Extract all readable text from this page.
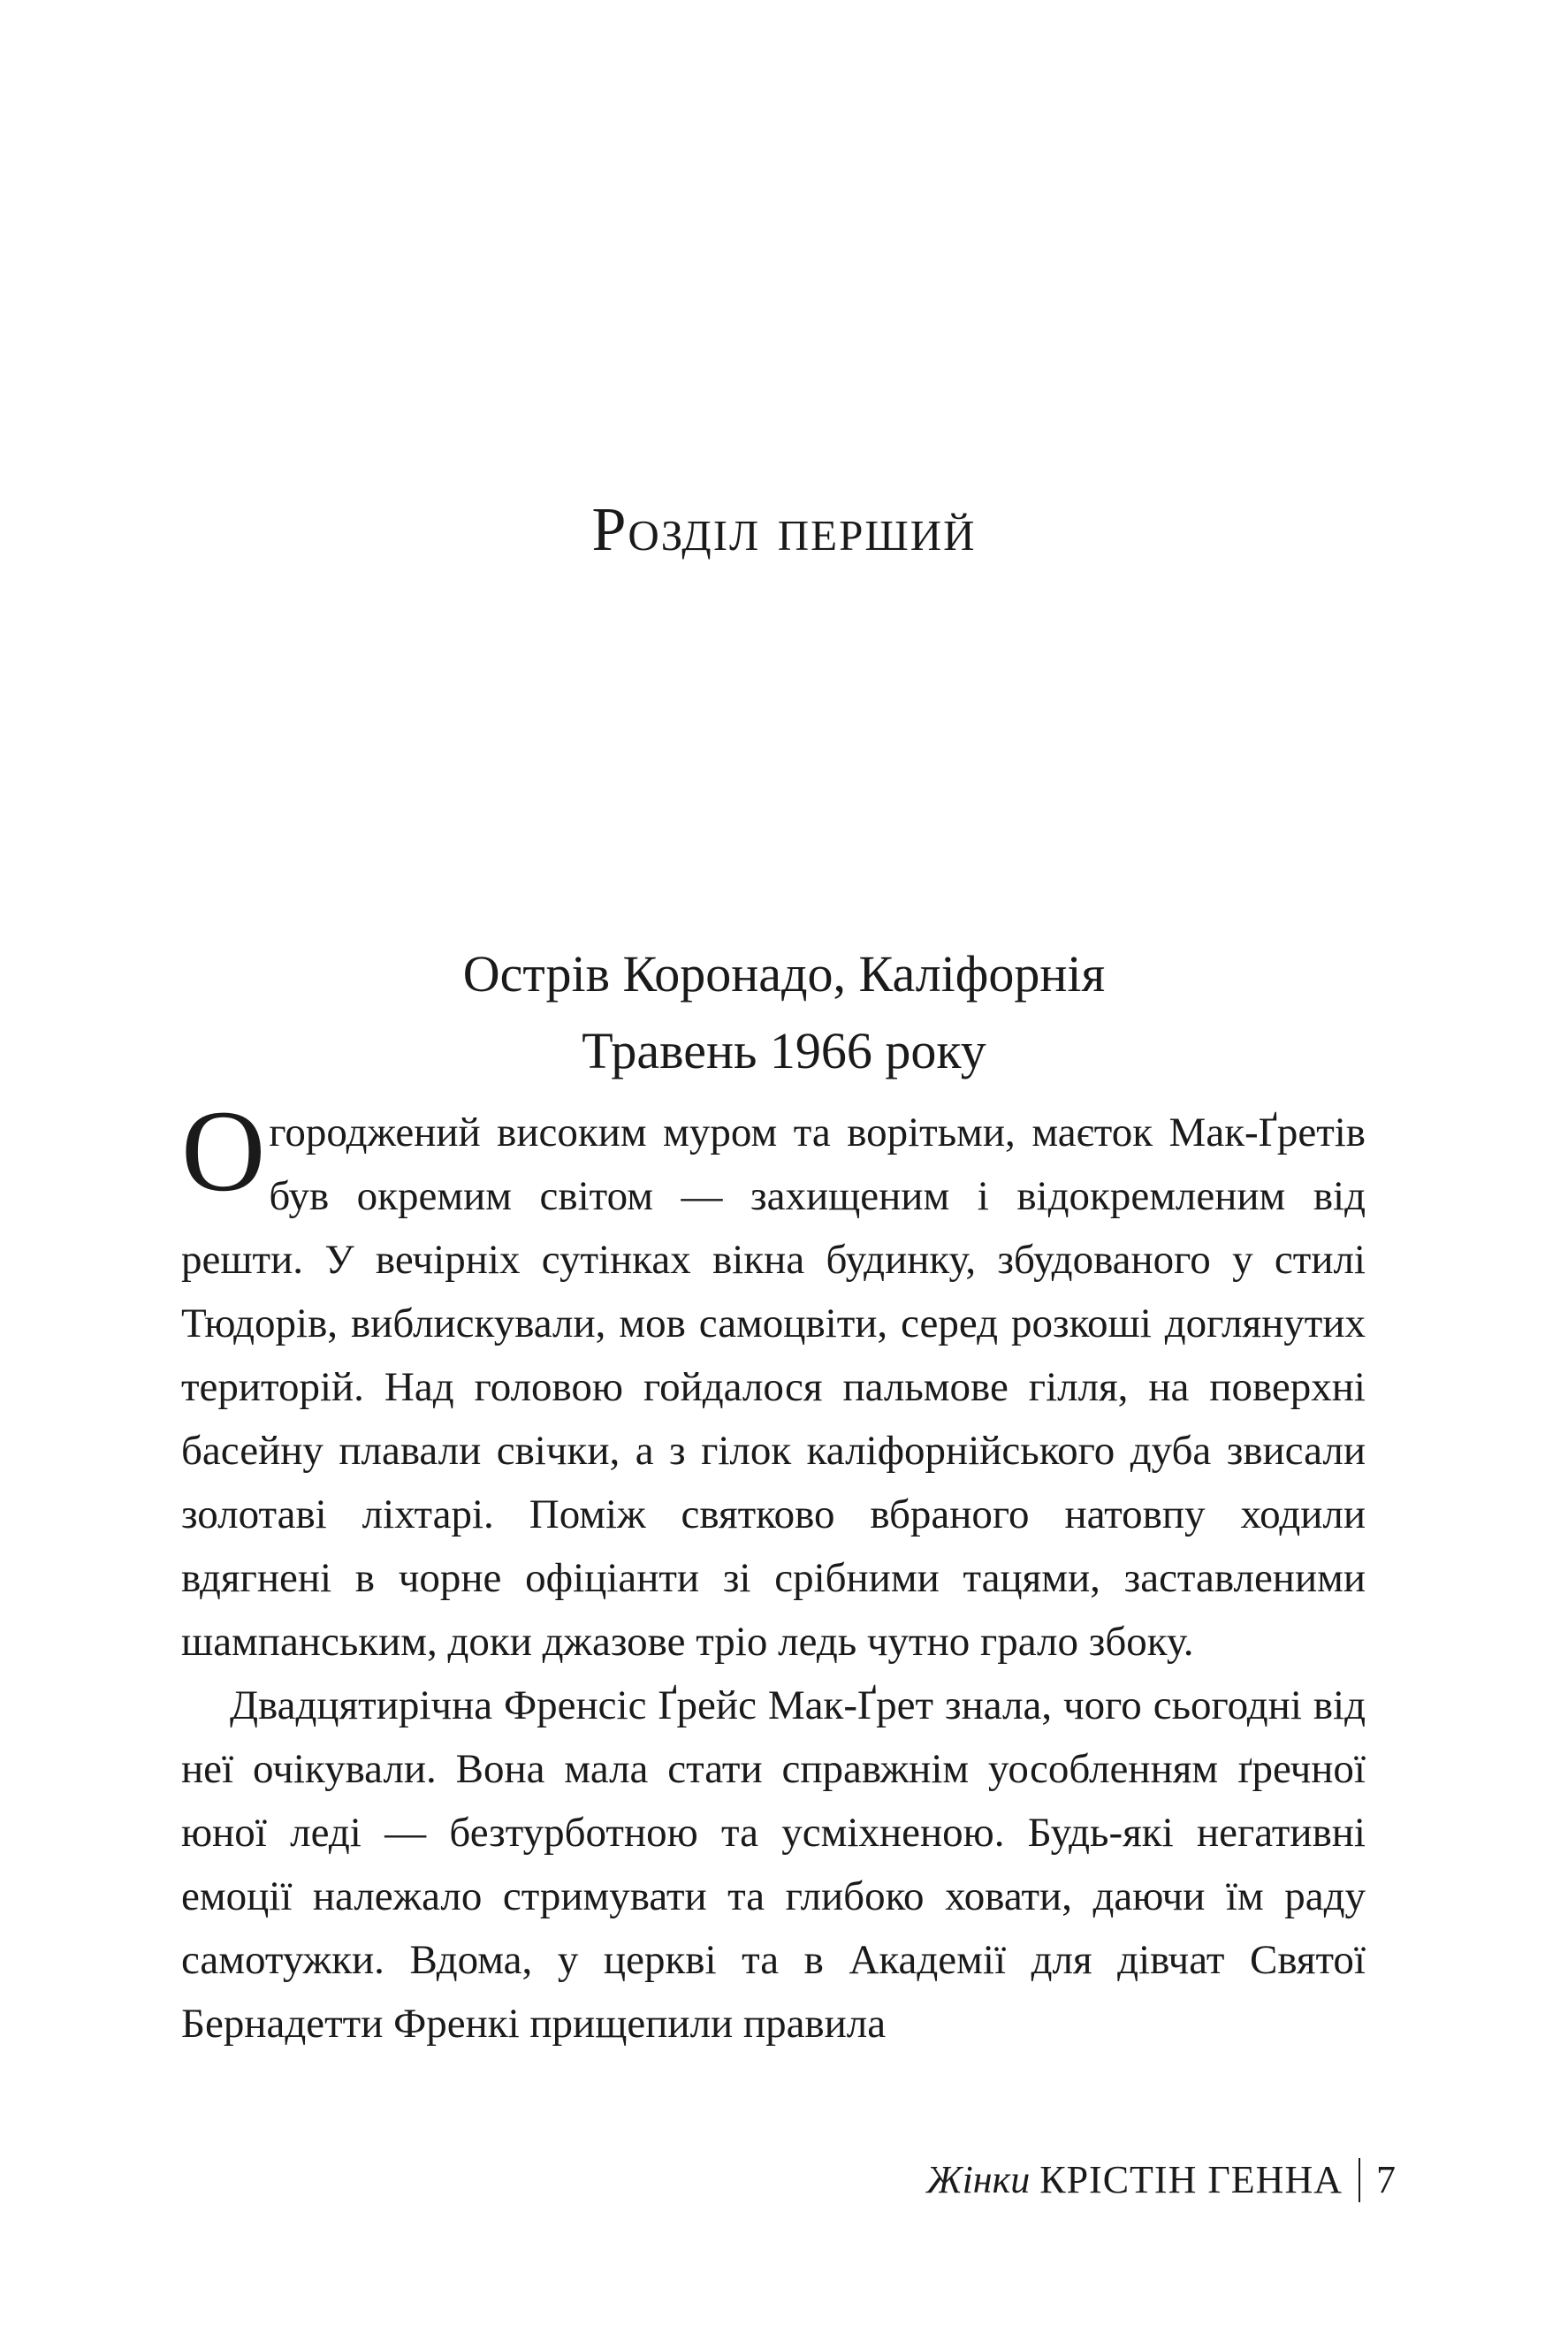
Розділ перший
Острів Коронадо, Каліфорнія
Травень 1966 року

Огороджений високим муром та ворітьми, маєток Мак-Ґретів був окремим світом — захищеним і відокремленим від решти. У вечірніх сутінках вікна будинку, збудованого у стилі Тюдорів, виблискували, мов самоцвіти, серед розкоші доглянутих територій. Над головою гойдалося пальмове гілля, на поверхні басейну плавали свічки, а з гілок каліфорнійського дуба звисали золотаві ліхтарі. Поміж святково вбраного натовпу ходили вдягнені в чорне офіціанти зі срібними тацями, заставленими шампанським, доки джазове тріо ледь чутно грало збоку.

Двадцятирічна Френсіс Ґрейс Мак-Ґрет знала, чого сьогодні від неї очікували. Вона мала стати справжнім уособленням ґречної юної леді — безтурботною та усміхненою. Будь-які негативні емоції належало стримувати та глибоко ховати, даючи їм раду самотужки. Вдома, у церкві та в Академії для дівчат Святої Бернадетти Френкі прищепили правила

Жінки
КРІСТІН ГЕННА 7
